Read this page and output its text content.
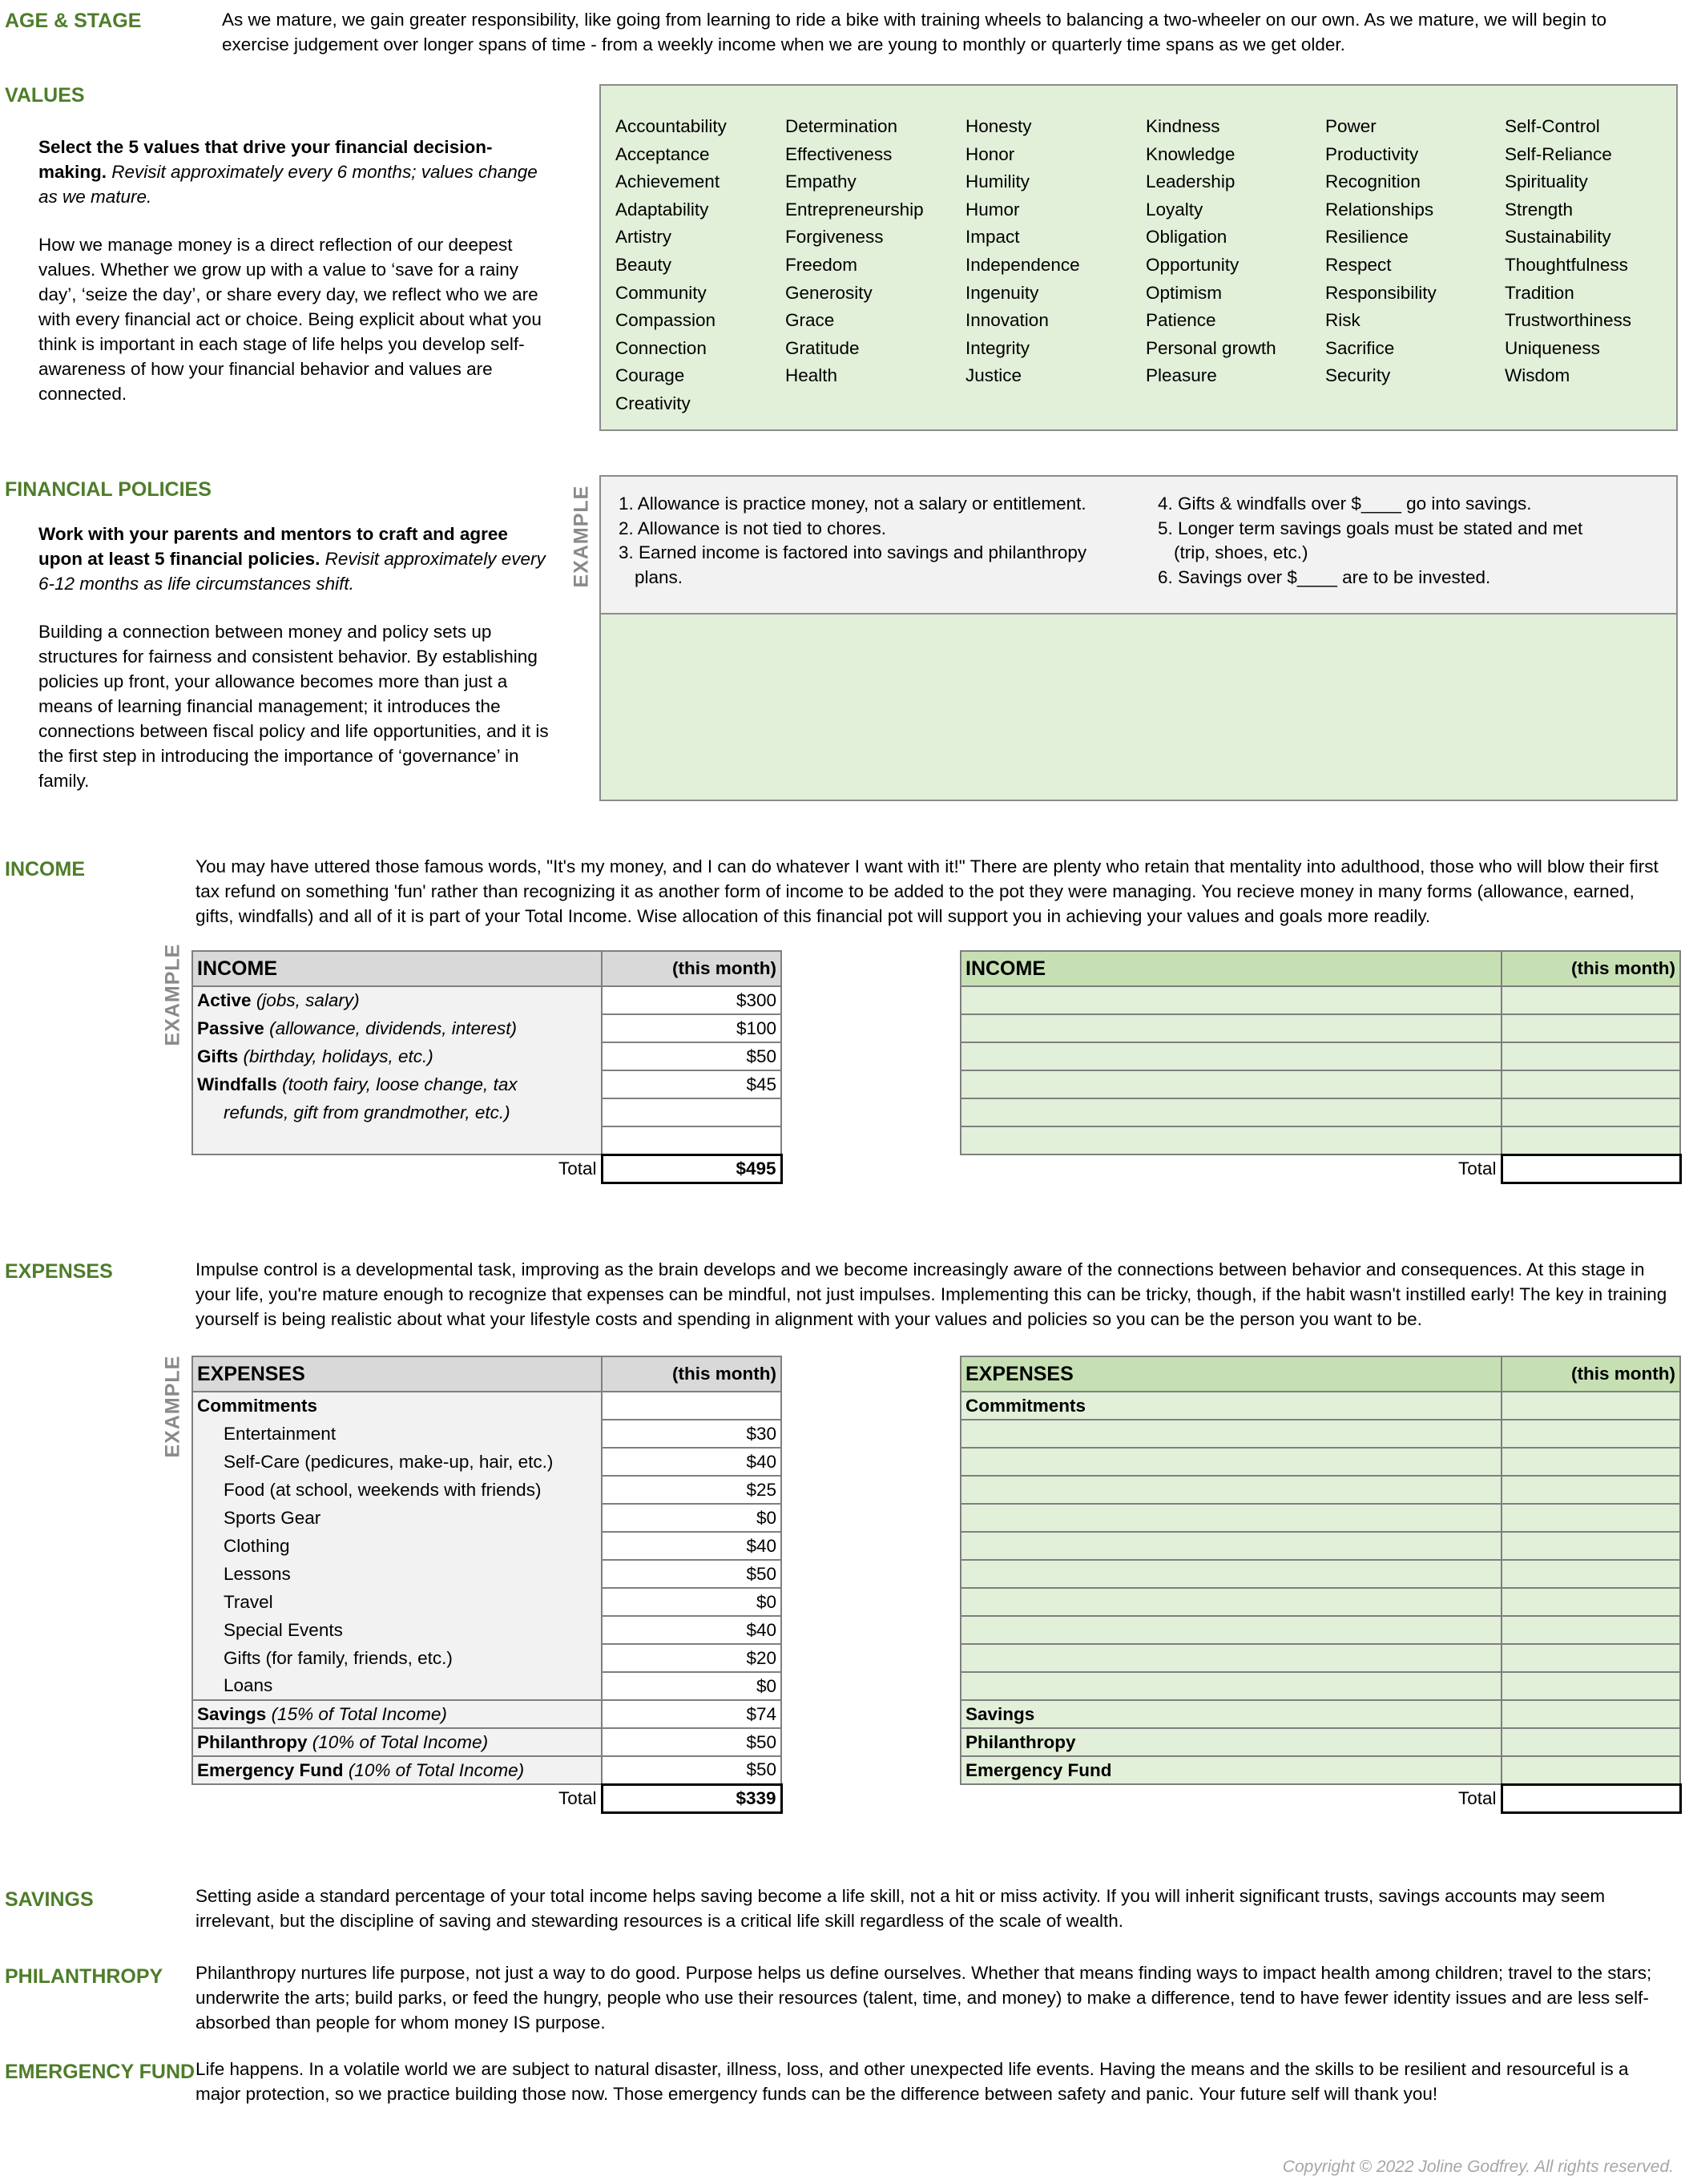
AGE & STAGE	As we mature, we gain greater responsibility, like going from learning to ride a bike with training wheels to balancing a two-wheeler on our own. As we mature, we will begin to exercise judgement over longer spans of time - from a weekly income when we are young to monthly or quarterly time spans as we get older.
VALUES
Select the 5 values that drive your financial decision-making. Revisit approximately every 6 months; values change as we mature.
How we manage money is a direct reflection of our deepest values. Whether we grow up with a value to ‘save for a rainy day’, ‘seize the day’, or share every day, we reflect who we are with every financial act or choice. Being explicit about what you think is important in each stage of life helps you develop self-awareness of how your financial behavior and values are connected.
Accountability
Acceptance
Achievement
Adaptability
Artistry
Beauty
Community
Compassion
Connection
Courage
Creativity
Determination
Effectiveness
Empathy
Entrepreneurship
Forgiveness
Freedom
Generosity
Grace
Gratitude
Health
Honesty
Honor
Humility
Humor
Impact
Independence
Ingenuity
Innovation
Integrity
Justice
Kindness
Knowledge
Leadership
Loyalty
Obligation
Opportunity
Optimism
Patience
Personal growth
Pleasure
Power
Productivity
Recognition
Relationships
Resilience
Respect
Responsibility
Risk
Sacrifice
Security
Self-Control
Self-Reliance
Spirituality
Strength
Sustainability
Thoughtfulness
Tradition
Trustworthiness
Uniqueness
Wisdom
FINANCIAL POLICIES
Work with your parents and mentors to craft and agree upon at least 5 financial policies. Revisit approximately every 6-12 months as life circumstances shift.
Building a connection between money and policy sets up structures for fairness and consistent behavior. By establishing policies up front, your allowance becomes more than just a means of learning financial management; it introduces the connections between fiscal policy and life opportunities, and it is the first step in introducing the importance of ‘governance’ in family.
EXAMPLE 1. Allowance is practice money, not a salary or entitlement.
2. Allowance is not tied to chores.
3. Earned income is factored into savings and philanthropy
plans.
4. Gifts & windfalls over $____ go into savings.
5. Longer term savings goals must be stated and met
(trip, shoes, etc.)
6. Savings over $____ are to be invested.
INCOME	You may have uttered those famous words, "It's my money, and I can do whatever I want with it!" There are plenty who retain that mentality into adulthood, those who will blow their first tax refund on something 'fun' rather than recognizing it as another form of income to be added to the pot they were managing. You recieve money in many forms (allowance, earned, gifts, windfalls) and all of it is part of your Total Income. Wise allocation of this financial pot will support you in achieving your values and goals more readily.
EXAMPLE INCOME	(this month)
Active (jobs, salary)	$300
Passive (allowance, dividends, interest)	$100
Gifts (birthday, holidays, etc.)	$50
Windfalls (tooth fairy, loose change, tax	$45
refunds, gift from grandmother, etc.)	

Total	$495
INCOME	(this month)

Total	
EXPENSES	Impulse control is a developmental task, improving as the brain develops and we become increasingly aware of the connections between behavior and consequences. At this stage in your life, you're mature enough to recognize that expenses can be mindful, not just impulses. Implementing this can be tricky, though, if the habit wasn't instilled early! The key in training yourself is being realistic about what your lifestyle costs and spending in alignment with your values and policies so you can be the person you want to be.
EXAMPLE EXPENSES	(this month)
Commitments	
Entertainment	$30
Self-Care (pedicures, make-up, hair, etc.)	$40
Food (at school, weekends with friends)	$25
Sports Gear	$0
Clothing	$40
Lessons	$50
Travel	$0
Special Events	$40
Gifts (for family, friends, etc.)	$20
Loans	$0
Savings (15% of Total Income)	$74
Philanthropy (10% of Total Income)	$50
Emergency Fund (10% of Total Income)	$50
Total	$339
EXPENSES	(this month)
Commitments	

Savings	
Philanthropy	
Emergency Fund	
Total	
SAVINGS	Setting aside a standard percentage of your total income helps saving become a life skill, not a hit or miss activity. If you will inherit significant trusts, savings accounts may seem irrelevant, but the discipline of saving and stewarding resources is a critical life skill regardless of the scale of wealth.
PHILANTHROPY Philanthropy nurtures life purpose, not just a way to do good. Purpose helps us define ourselves. Whether that means finding ways to impact health among children; travel to the stars; underwrite the arts; build parks, or feed the hungry, people who use their resources (talent, time, and money) to make a difference, tend to have fewer identity issues and are less self-absorbed than people for whom money IS purpose.
EMERGENCY FUND Life happens. In a volatile world we are subject to natural disaster, illness, loss, and other unexpected life events. Having the means and the skills to be resilient and resourceful is a major protection, so we practice building those now. Those emergency funds can be the difference between safety and panic. Your future self will thank you!
Copyright © 2022 Joline Godfrey. All rights reserved.
